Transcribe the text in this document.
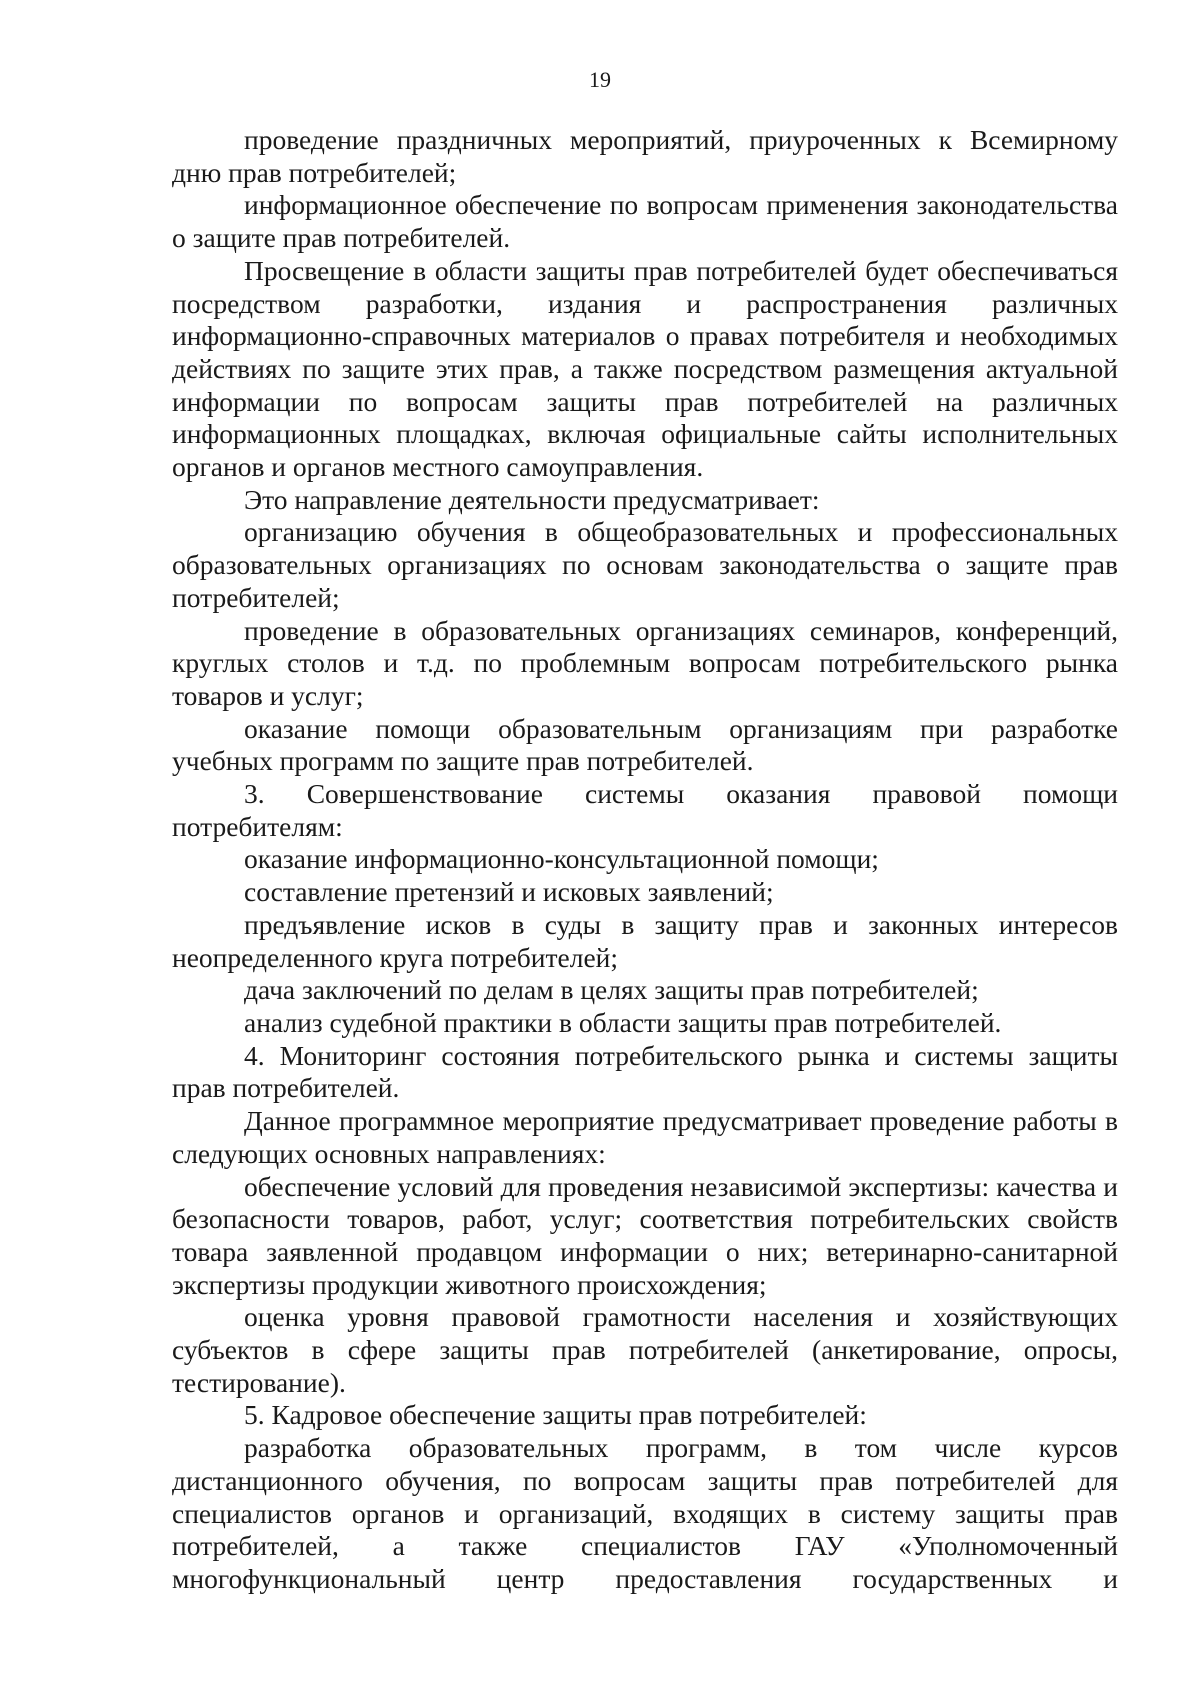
19

проведение праздничных мероприятий, приуроченных к Всемирному дню прав потребителей;

информационное обеспечение по вопросам применения законодательства о защите прав потребителей.

Просвещение в области защиты прав потребителей будет обеспечиваться посредством разработки, издания и распространения различных информационно-справочных материалов о правах потребителя и необходимых действиях по защите этих прав, а также посредством размещения актуальной информации по вопросам защиты прав потребителей на различных информационных площадках, включая официальные сайты исполнительных органов и органов местного самоуправления.

Это направление деятельности предусматривает:

организацию обучения в общеобразовательных и профессиональных образовательных организациях по основам законодательства о защите прав потребителей;

проведение в образовательных организациях семинаров, конференций, круглых столов и т.д. по проблемным вопросам потребительского рынка товаров и услуг;

оказание помощи образовательным организациям при разработке учебных программ по защите прав потребителей.

3. Совершенствование системы оказания правовой помощи потребителям:

оказание информационно-консультационной помощи;

составление претензий и исковых заявлений;

предъявление исков в суды в защиту прав и законных интересов неопределенного круга потребителей;

дача заключений по делам в целях защиты прав потребителей;

анализ судебной практики в области защиты прав потребителей.

4. Мониторинг состояния потребительского рынка и системы защиты прав потребителей.

Данное программное мероприятие предусматривает проведение работы в следующих основных направлениях:

обеспечение условий для проведения независимой экспертизы: качества и безопасности товаров, работ, услуг; соответствия потребительских свойств товара заявленной продавцом информации о них; ветеринарно-санитарной экспертизы продукции животного происхождения;

оценка уровня правовой грамотности населения и хозяйствующих субъектов в сфере защиты прав потребителей (анкетирование, опросы, тестирование).

5. Кадровое обеспечение защиты прав потребителей:

разработка образовательных программ, в том числе курсов дистанционного обучения, по вопросам защиты прав потребителей для специалистов органов и организаций, входящих в систему защиты прав потребителей, а также специалистов ГАУ «Уполномоченный многофункциональный центр предоставления государственных и
